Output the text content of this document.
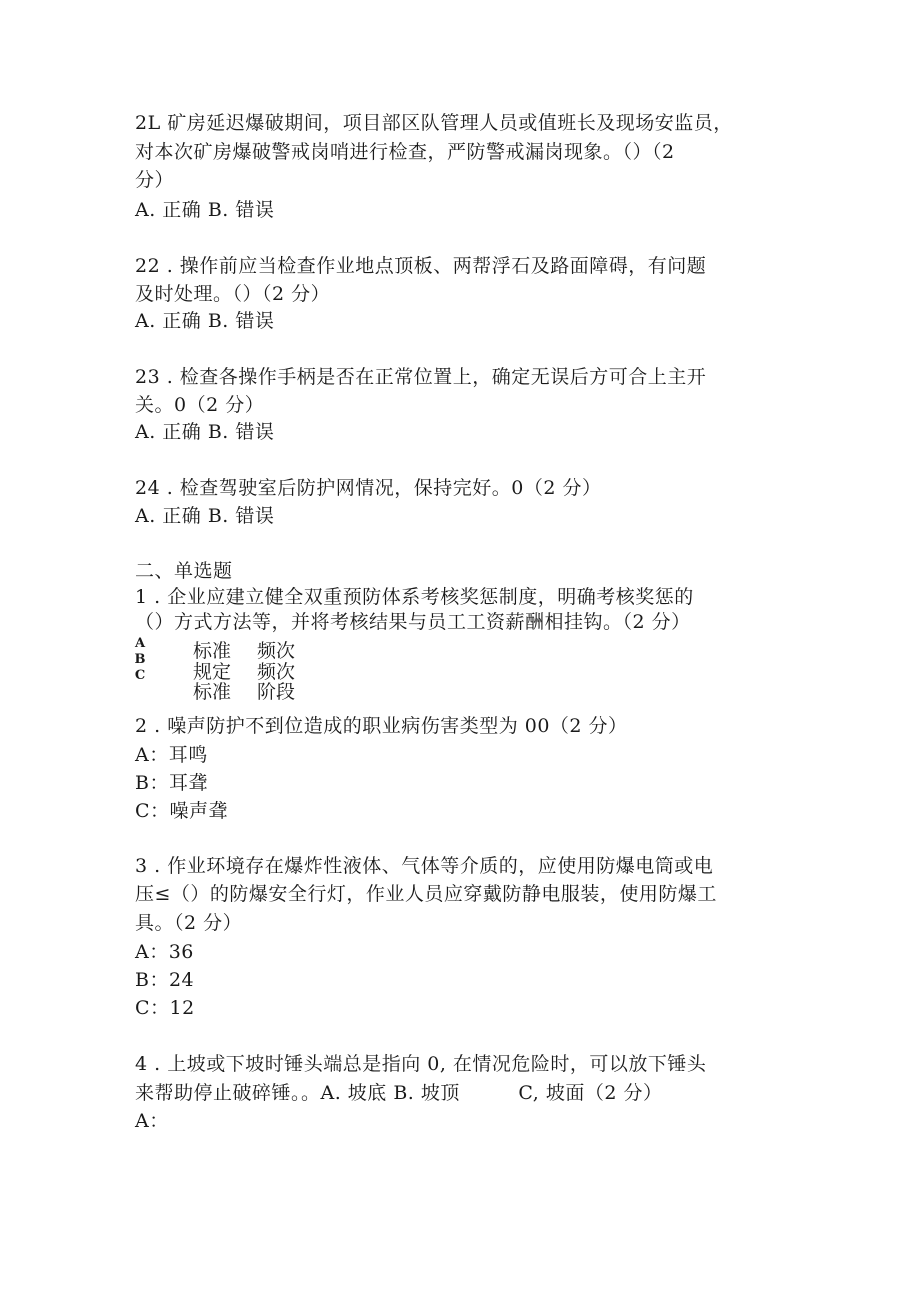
2L 矿房延迟爆破期间，项目部区队管理人员或值班长及现场安监员，
对本次矿房爆破警戒岗哨进行检查，严防警戒漏岗现象。（）（2
分）
A. 正确 B. 错误
22 . 操作前应当检查作业地点顶板、两帮浮石及路面障碍，有问题
及时处理。（）（2 分）
A. 正确 B. 错误
23 . 检查各操作手柄是否在正常位置上，确定无误后方可合上主开
关。0（2 分）
A. 正确 B. 错误
24 . 检查驾驶室后防护网情况，保持完好。0（2 分）
A. 正确 B. 错误
二、单选题
1 . 企业应建立健全双重预防体系考核奖惩制度，明确考核奖惩的
（）方式方法等，并将考核结果与员工工资薪酬相挂钩。（2 分）
A
B
C
标准 频次
规定 频次
标准 阶段
2 . 噪声防护不到位造成的职业病伤害类型为 00（2 分）
A：耳鸣
B：耳聋
C：噪声聋
3 . 作业环境存在爆炸性液体、气体等介质的，应使用防爆电筒或电
压≤（）的防爆安全行灯，作业人员应穿戴防静电服装，使用防爆工
具。（2 分）
A：36
B：24
C：12
4 . 上坡或下坡时锤头端总是指向 0, 在情况危险时，可以放下锤头
来帮助停止破碎锤。。A. 坡底 B. 坡顶　　　C, 坡面（2 分）
A：
